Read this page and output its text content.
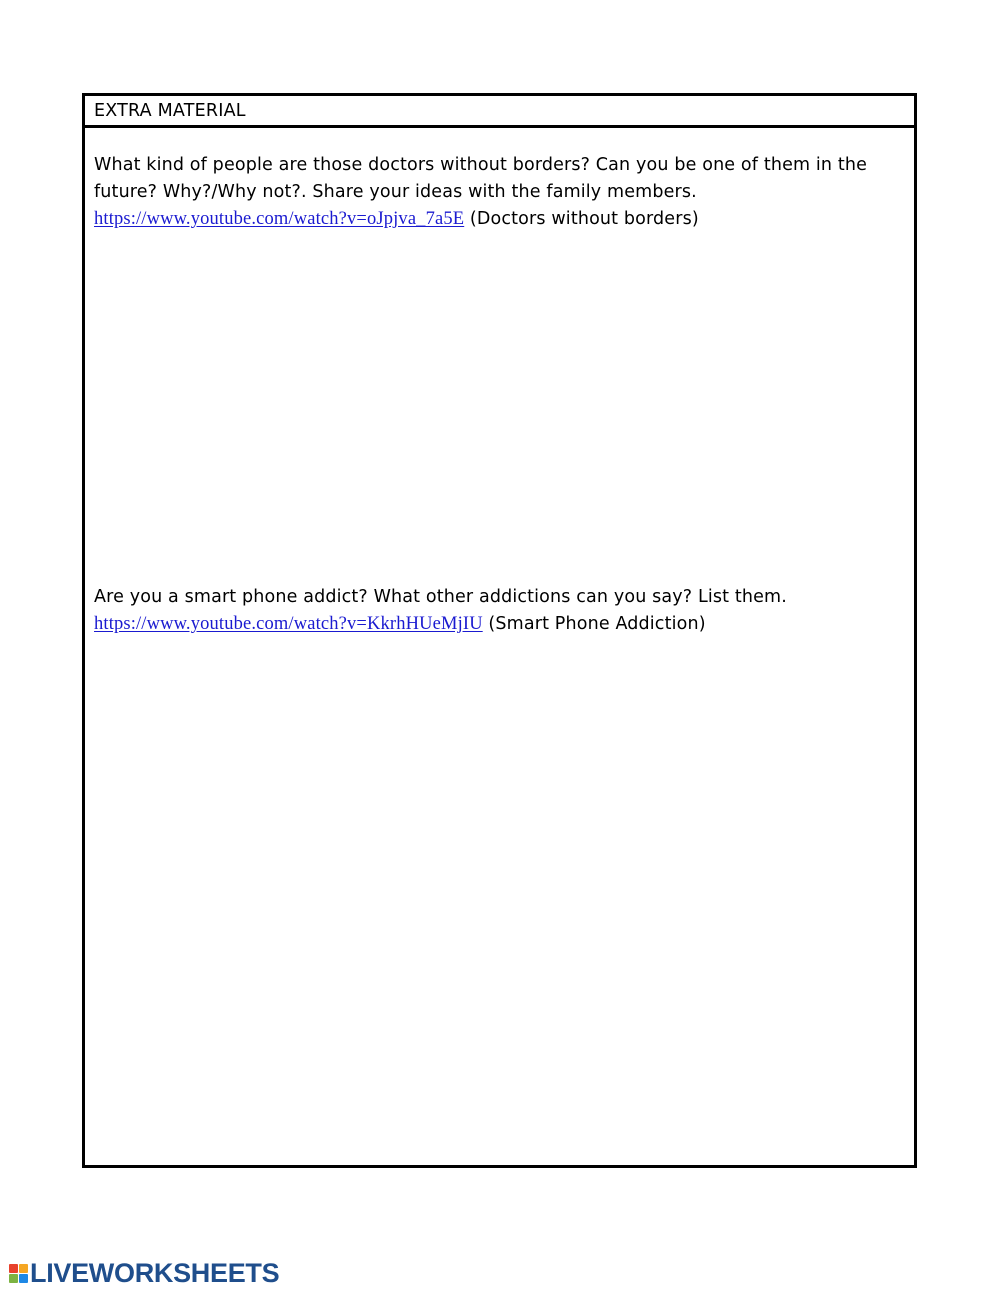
EXTRA MATERIAL
What kind of people are those doctors without borders? Can you be one of them in the
future? Why?/Why not?. Share your ideas with the family members.
https://www.youtube.com/watch?v=oJpjva_7a5E (Doctors without borders)
Are you a smart phone addict? What other addictions can you say? List them.
https://www.youtube.com/watch?v=KkrhHUeMjIU (Smart Phone Addiction)
LIVEWORKSHEETS
